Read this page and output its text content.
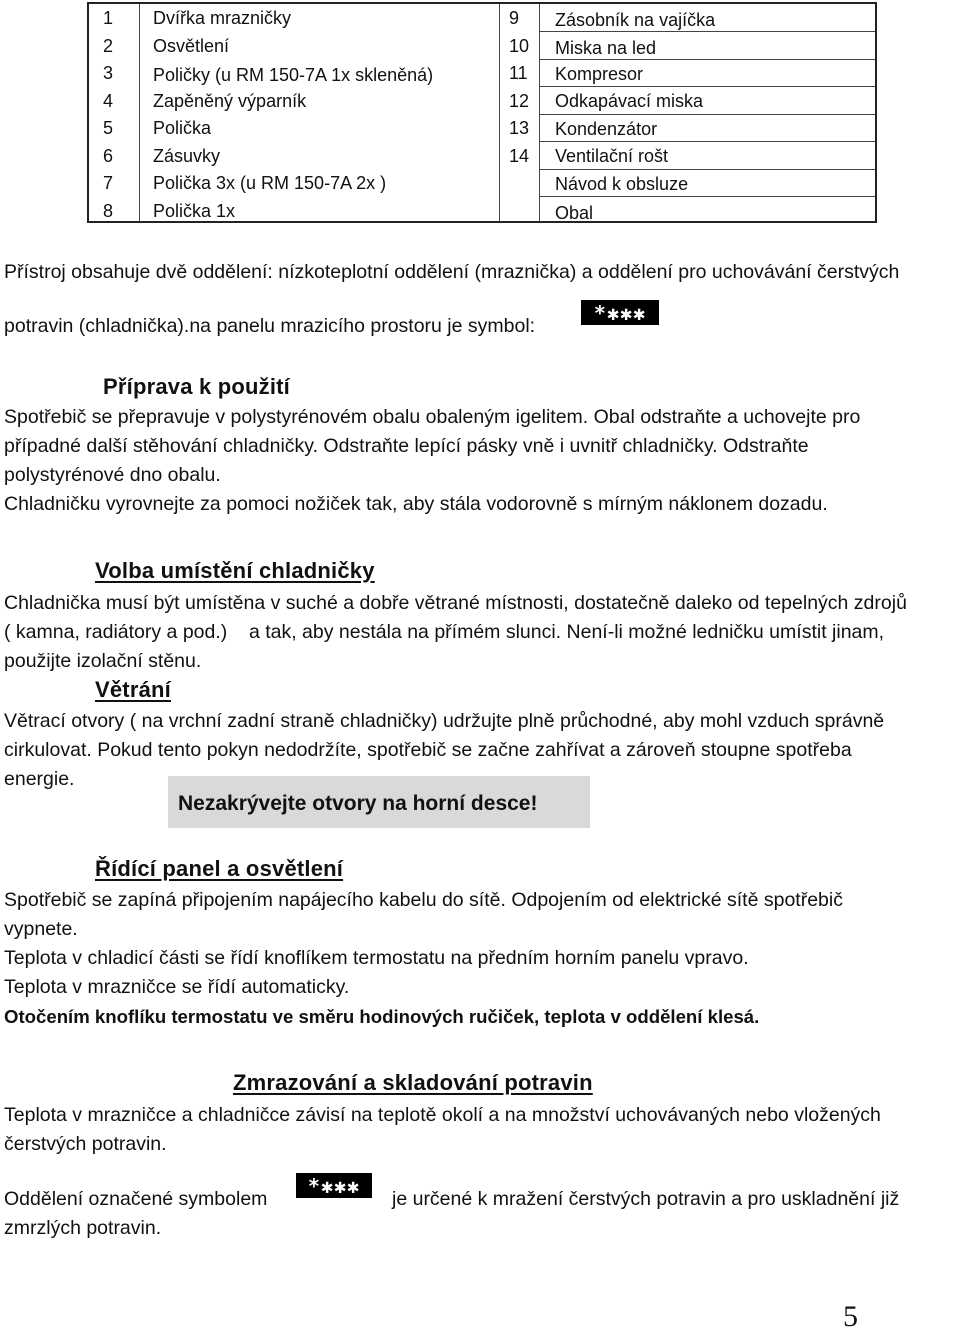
1 Dvířka mrazničky	9 Zásobník na vajíčka
2 Osvětlení	10 Miska na led
3 Poličky (u RM 150-7A 1x skleněná)	11 Kompresor
4 Zapěněný výparník	12 Odkapávací miska
5 Polička	13 Kondenzátor
6 Zásuvky	14 Ventilační rošt
7 Polička 3x (u RM 150-7A 2x )	Návod k obsluze
8 Polička 1x	Obal
Přístroj obsahuje dvě oddělení: nízkoteplotní oddělení (mraznička) a oddělení pro uchovávání čerstvých
potravin (chladnička).na panelu mrazicího prostoru je symbol:
*✱✱✱
Příprava k použití
Spotřebič se přepravuje v polystyrénovém obalu obaleným igelitem. Obal odstraňte a uchovejte pro
případné další stěhování chladničky. Odstraňte lepící pásky vně i uvnitř chladničky. Odstraňte
polystyrénové dno obalu.
Chladničku vyrovnejte za pomoci nožiček tak, aby stála vodorovně s mírným náklonem dozadu.
Volba umístění chladničky
Chladnička musí být umístěna v suché a dobře větrané místnosti, dostatečně daleko od tepelných zdrojů
( kamna, radiátory a pod.)    a tak, aby nestála na přímém slunci. Není-li možné ledničku umístit jinam,
použijte izolační stěnu.
Větrání
Větrací otvory ( na vrchní zadní straně chladničky) udržujte plně průchodné, aby mohl vzduch správně
cirkulovat. Pokud tento pokyn nedodržíte, spotřebič se začne zahřívat a zároveň stoupne spotřeba
energie.
Nezakrývejte otvory na horní desce!
Řídící panel a osvětlení
Spotřebič se zapíná připojením napájecího kabelu do sítě. Odpojením od elektrické sítě spotřebič
vypnete.
Teplota v chladicí části se řídí knoflíkem termostatu na předním horním panelu vpravo.
Teplota v mrazničce se řídí automaticky.
Otočením knoflíku termostatu ve směru hodinových ručiček, teplota v oddělení klesá.
Zmrazování a skladování potravin
Teplota v mrazničce a chladničce závisí na teplotě okolí a na množství uchovávaných nebo vložených
čerstvých potravin.
Oddělení označené symbolem
*✱✱✱
je určené k mražení čerstvých potravin a pro uskladnění již
zmrzlých potravin.
5
